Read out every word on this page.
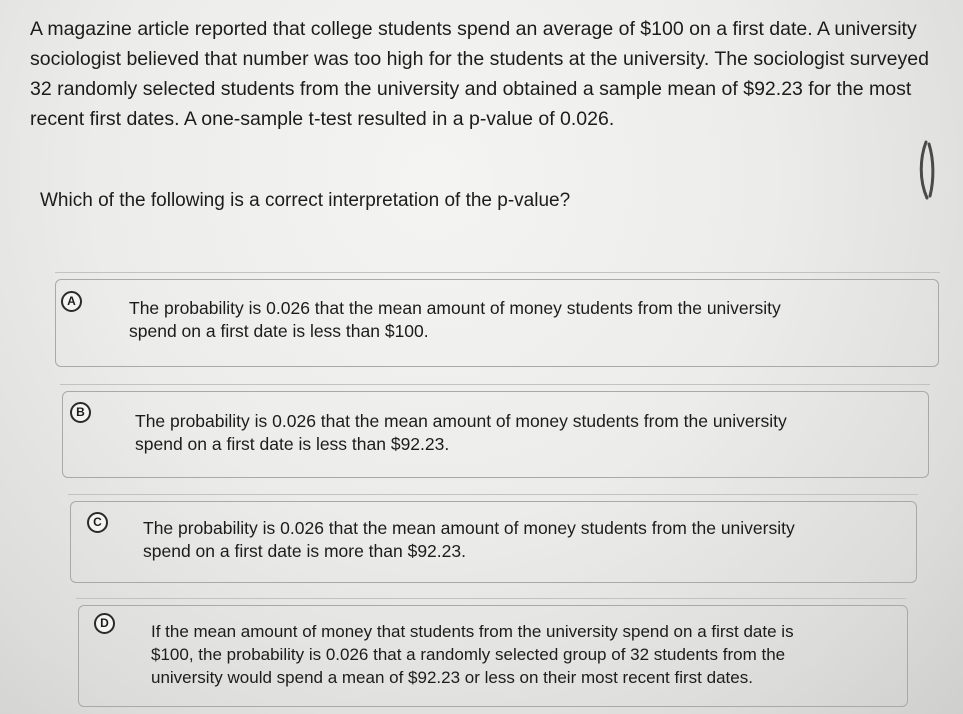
A magazine article reported that college students spend an average of $100 on a first date. A university
sociologist believed that number was too high for the students at the university. The sociologist surveyed
32 randomly selected students from the university and obtained a sample mean of $92.23 for the most
recent first dates. A one-sample t-test resulted in a p-value of 0.026.

Which of the following is a correct interpretation of the p-value?

A	The probability is 0.026 that the mean amount of money students from the university
spend on a first date is less than $100.

B	The probability is 0.026 that the mean amount of money students from the university
spend on a first date is less than $92.23.

C	The probability is 0.026 that the mean amount of money students from the university
spend on a first date is more than $92.23.

D	If the mean amount of money that students from the university spend on a first date is
$100, the probability is 0.026 that a randomly selected group of 32 students from the
university would spend a mean of $92.23 or less on their most recent first dates.
